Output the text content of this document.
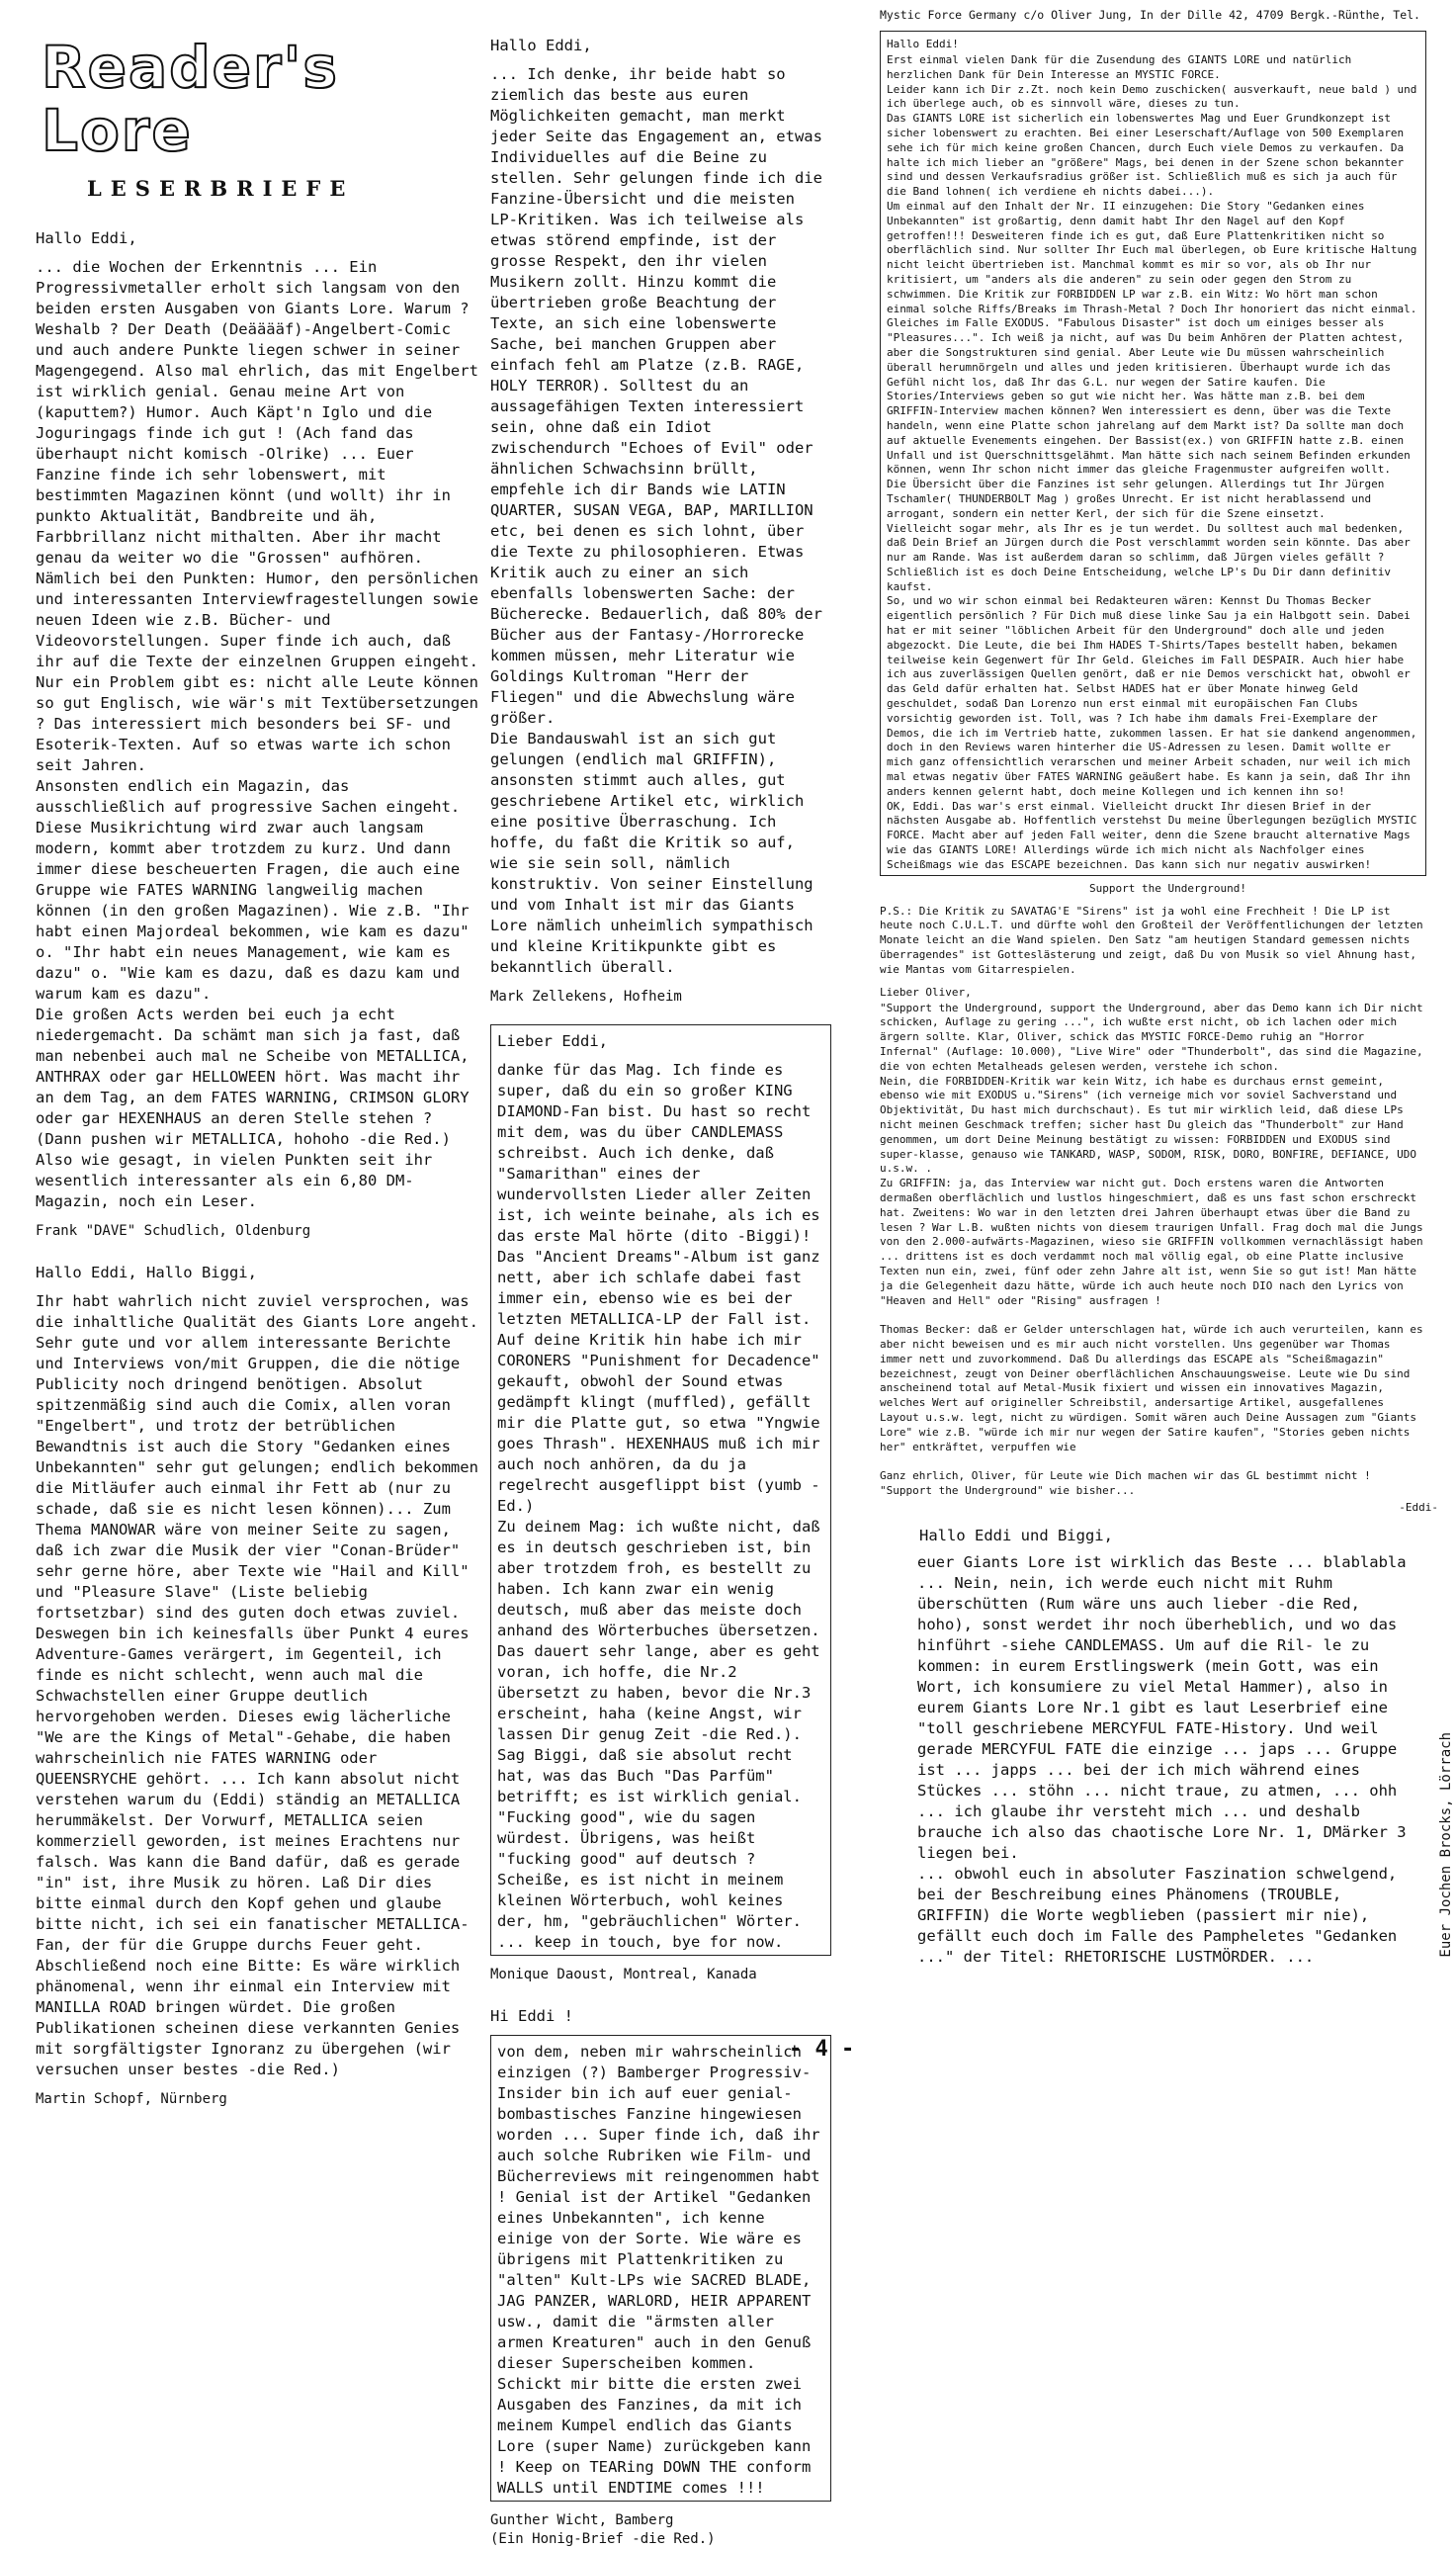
Reader's Lore
LESERBRIEFE
Hallo Eddi,

... die Wochen der Erkenntnis ... Ein Progressivmetaller erholt sich langsam von den beiden ersten Ausgaben von Giants Lore. Warum ? Weshalb ? Der Death (Deääääf)-Angelbert-Comic und auch andere Punkte liegen schwer in seiner Magengegend. Also mal ehrlich, das mit Engelbert ist wirklich genial. Genau meine Art von (kaputtem?) Humor. Auch Käpt'n Iglo und die Joguringags finde ich gut ! (Ach fand das überhaupt nicht komisch -Olrike) ... Euer Fanzine finde ich sehr lobenswert, mit bestimmten Magazinen könnt (und wollt) ihr in punkto Aktualität, Bandbreite und äh, Farbbrillanz nicht mithalten. Aber ihr macht genau da weiter wo die "Grossen" aufhören. Nämlich bei den Punkten: Humor, den persönlichen und interessanten Interviewfragestellungen sowie neuen Ideen wie z.B. Bücher- und Videovorstellungen. Super finde ich auch, daß ihr auf die Texte der einzelnen Gruppen eingeht. Nur ein Problem gibt es: nicht alle Leute können so gut Englisch, wie wär's mit Textübersetzungen ? Das interessiert mich besonders bei SF- und Esoterik-Texten. Auf so etwas warte ich schon seit Jahren.
Ansonsten endlich ein Magazin, das ausschließlich auf progressive Sachen eingeht. Diese Musikrichtung wird zwar auch langsam modern, kommt aber trotzdem zu kurz. Und dann immer diese bescheuerten Fragen, die auch eine Gruppe wie FATES WARNING langweilig machen können (in den großen Magazinen). Wie z.B. "Ihr habt einen Majordeal bekommen, wie kam es dazu" o. "Ihr habt ein neues Management, wie kam es dazu" o. "Wie kam es dazu, daß es dazu kam und warum kam es dazu".
Die großen Acts werden bei euch ja echt niedergemacht. Da schämt man sich ja fast, daß man nebenbei auch mal ne Scheibe von METALLICA, ANTHRAX oder gar HELLOWEEN hört. Was macht ihr an dem Tag, an dem FATES WARNING, CRIMSON GLORY oder gar HEXENHAUS an deren Stelle stehen ? (Dann pushen wir METALLICA, hohoho -die Red.) Also wie gesagt, in vielen Punkten seit ihr wesentlich interessanter als ein 6,80 DM-Magazin, noch ein Leser.

Frank "DAVE" Schudlich, Oldenburg
Hallo Eddi, Hallo Biggi,

Ihr habt wahrlich nicht zuviel versprochen, was die inhaltliche Qualität des Giants Lore angeht. Sehr gute und vor allem interessante Berichte und Interviews von/mit Gruppen, die die nötige Publicity noch dringend benötigen. Absolut spitzenmäßig sind auch die Comix, allen voran "Engelbert", und trotz der betrüblichen Bewandtnis ist auch die Story "Gedanken eines Unbekannten" sehr gut gelungen; endlich bekommen die Mitläufer auch einmal ihr Fett ab (nur zu schade, daß sie es nicht lesen können)... Zum Thema MANOWAR wäre von meiner Seite zu sagen, daß ich zwar die Musik der vier "Conan-Brüder" sehr gerne höre, aber Texte wie "Hail and Kill" und "Pleasure Slave" (Liste beliebig fortsetzbar) sind des guten doch etwas zuviel. Deswegen bin ich keinesfalls über Punkt 4 eures Adventure-Games verärgert, im Gegenteil, ich finde es nicht schlecht, wenn auch mal die Schwachstellen einer Gruppe deutlich hervorgehoben werden. Dieses ewig lächerliche "We are the Kings of Metal"-Gehabe, die haben wahrscheinlich nie FATES WARNING oder QUEENSRYCHE gehört. ... Ich kann absolut nicht verstehen warum du (Eddi) ständig an METALLICA herummäkelst. Der Vorwurf, METALLICA seien kommerziell geworden, ist meines Erachtens nur falsch. Was kann die Band dafür, daß es gerade "in" ist, ihre Musik zu hören. Laß Dir dies bitte einmal durch den Kopf gehen und glaube bitte nicht, ich sei ein fanatischer METALLICA-Fan, der für die Gruppe durchs Feuer geht. Abschließend noch eine Bitte: Es wäre wirklich phänomenal, wenn ihr einmal ein Interview mit MANILLA ROAD bringen würdet. Die großen Publikationen scheinen diese verkannten Genies mit sorgfältigster Ignoranz zu übergehen (wir versuchen unser bestes -die Red.)

Martin Schopf, Nürnberg
Hallo Eddi,

... Ich denke, ihr beide habt so ziemlich das beste aus euren Möglichkeiten gemacht, man merkt jeder Seite das Engagement an, etwas Individuelles auf die Beine zu stellen. Sehr gelungen finde ich die Fanzine-Übersicht und die meisten LP-Kritiken. Was ich teilweise als etwas störend empfinde, ist der grosse Respekt, den ihr vielen Musikern zollt. Hinzu kommt die übertrieben große Beachtung der Texte, an sich eine lobenswerte Sache, bei manchen Gruppen aber einfach fehl am Platze (z.B. RAGE, HOLY TERROR). Solltest du an aussagefähigen Texten interessiert sein, ohne daß ein Idiot zwischendurch "Echoes of Evil" oder ähnlichen Schwachsinn brüllt, empfehle ich dir Bands wie LATIN QUARTER, SUSAN VEGA, BAP, MARILLION etc, bei denen es sich lohnt, über die Texte zu philosophieren. Etwas Kritik auch zu einer an sich ebenfalls lobenswerten Sache: der Bücherecke. Bedauerlich, daß 80% der Bücher aus der Fantasy-/Horrorecke kommen müssen, mehr Literatur wie Goldings Kultroman "Herr der Fliegen" und die Abwechslung wäre größer.
Die Bandauswahl ist an sich gut gelungen (endlich mal GRIFFIN), ansonsten stimmt auch alles, gut geschriebene Artikel etc, wirklich eine positive Überraschung. Ich hoffe, du faßt die Kritik so auf, wie sie sein soll, nämlich konstruktiv. Von seiner Einstellung und vom Inhalt ist mir das Giants Lore nämlich unheimlich sympathisch und kleine Kritikpunkte gibt es bekanntlich überall.

Mark Zellekens, Hofheim
Lieber Eddi,

danke für das Mag. Ich finde es super, daß du ein so großer KING DIAMOND-Fan bist. Du hast so recht mit dem, was du über CANDLEMASS schreibst. Auch ich denke, daß "Samarithan" eines der wundervollsten Lieder aller Zeiten ist, ich weinte beinahe, als ich es das erste Mal hörte (dito -Biggi)! Das "Ancient Dreams"-Album ist ganz nett, aber ich schlafe dabei fast immer ein, ebenso wie es bei der letzten METALLICA-LP der Fall ist. Auf deine Kritik hin habe ich mir CORONERS "Punishment for Decadence" gekauft, obwohl der Sound etwas gedämpft klingt (muffled), gefällt mir die Platte gut, so etwa "Yngwie goes Thrash". HEXENHAUS muß ich mir auch noch anhören, da du ja regelrecht ausgeflippt bist (yumb -Ed.)
Zu deinem Mag: ich wußte nicht, daß es in deutsch geschrieben ist, bin aber trotzdem froh, es bestellt zu haben. Ich kann zwar ein wenig deutsch, muß aber das meiste doch anhand des Wörterbuches übersetzen. Das dauert sehr lange, aber es geht voran, ich hoffe, die Nr.2 übersetzt zu haben, bevor die Nr.3 erscheint, haha (keine Angst, wir lassen Dir genug Zeit -die Red.). Sag Biggi, daß sie absolut recht hat, was das Buch "Das Parfüm" betrifft; es ist wirklich genial. "Fucking good", wie du sagen würdest. Übrigens, was heißt "fucking good" auf deutsch ? Scheiße, es ist nicht in meinem kleinen Wörterbuch, wohl keines der, hm, "gebräuchlichen" Wörter. ... keep in touch, bye for now.

Monique Daoust, Montreal, Kanada
Hi Eddi !

von dem, neben mir wahrscheinlich einzigen (?) Bamberger Progressiv-Insider bin ich auf euer genial-bombastisches Fanzine hingewiesen worden ... Super finde ich, daß ihr auch solche Rubriken wie Film- und Bücherreviews mit reingenommen habt ! Genial ist der Artikel "Gedanken eines Unbekannten", ich kenne einige von der Sorte. Wie wäre es übrigens mit Plattenkritiken zu "alten" Kult-LPs wie SACRED BLADE, JAG PANZER, WARLORD, HEIR APPARENT usw., damit die "ärmsten aller armen Kreaturen" auch in den Genuß dieser Superscheiben kommen. Schickt mir bitte die ersten zwei Ausgaben des Fanzines, da mit ich meinem Kumpel endlich das Giants Lore (super Name) zurückgeben kann ! Keep on TEARing DOWN THE conform WALLS until ENDTIME comes !!!

Gunther Wicht, Bamberg
(Ein Honig-Brief -die Red.)
Mystic Force Germany c/o Oliver Jung, In der Dille 42, 4709 Bergk.-Rünthe, Tel.
Hallo Eddi!

Erst einmal vielen Dank für die Zusendung des GIANTS LORE und natürlich herzlichen Dank für Dein Interesse an MYSTIC FORCE.
Leider kann ich Dir z.Zt. noch kein Demo zuschicken( ausverkauft, neue bald ) und ich überlege auch, ob es sinnvoll wäre, dieses zu tun.
Das GIANTS LORE ist sicherlich ein lobenswertes Mag und Euer Grundkonzept ist sicher lobenswert zu erachten. Bei einer Leserschaft/Auflage von 500 Exemplaren sehe ich für mich keine großen Chancen, durch Euch viele Demos zu verkaufen. Da halte ich mich lieber an "größere" Mags, bei denen in der Szene schon bekannter sind und dessen Verkaufsradius größer ist. Schließlich muß es sich ja auch für die Band lohnen( ich verdiene eh nichts dabei...).
Um einmal auf den Inhalt der Nr. II einzugehen: Die Story "Gedanken eines Unbekannten" ist großartig, denn damit habt Ihr den Nagel auf den Kopf getroffen!!! Desweiteren finde ich es gut, daß Eure Plattenkritiken nicht so oberflächlich sind. Nur sollter Ihr Euch mal überlegen, ob Eure kritische Haltung nicht leicht übertrieben ist. Manchmal kommt es mir so vor, als ob Ihr nur kritisiert, um "anders als die anderen" zu sein oder gegen den Strom zu schwimmen. Die Kritik zur FORBIDDEN LP war z.B. ein Witz: Wo hört man schon einmal solche Riffs/Breaks im Thrash-Metal ? Doch Ihr honoriert das nicht einmal. Gleiches im Falle EXODUS. "Fabulous Disaster" ist doch um einiges besser als "Pleasures...". Ich weiß ja nicht, auf was Du beim Anhören der Platten achtest, aber die Songstrukturen sind genial. Aber Leute wie Du müssen wahrscheinlich überall herumnörgeln und alles und jeden kritisieren. Überhaupt wurde ich das Gefühl nicht los, daß Ihr das G.L. nur wegen der Satire kaufen. Die Stories/Interviews geben so gut wie nicht her. Was hätte man z.B. bei dem GRIFFIN-Interview machen können? Wen interessiert es denn, über was die Texte handeln, wenn eine Platte schon jahrelang auf dem Markt ist? Da sollte man doch auf aktuelle Evenements eingehen. Der Bassist(ex.) von GRIFFIN hatte z.B. einen Unfall und ist Querschnittsgelähmt. Man hätte sich nach seinem Befinden erkunden können, wenn Ihr schon nicht immer das gleiche Fragenmuster aufgreifen wollt.
Die Übersicht über die Fanzines ist sehr gelungen. Allerdings tut Ihr Jürgen Tschamler( THUNDERBOLT Mag ) großes Unrecht. Er ist nicht herablassend und arrogant, sondern ein netter Kerl, der sich für die Szene einsetzt.
Vielleicht sogar mehr, als Ihr es je tun werdet. Du solltest auch mal bedenken, daß Dein Brief an Jürgen durch die Post verschlammt worden sein könnte. Das aber nur am Rande. Was ist außerdem daran so schlimm, daß Jürgen vieles gefällt ? Schließlich ist es doch Deine Entscheidung, welche LP's Du Dir dann definitiv kaufst.
So, und wo wir schon einmal bei Redakteuren wären: Kennst Du Thomas Becker eigentlich persönlich ? Für Dich muß diese linke Sau ja ein Halbgott sein. Dabei hat er mit seiner "löblichen Arbeit für den Underground" doch alle und jeden abgezockt. Die Leute, die bei Ihm HADES T-Shirts/Tapes bestellt haben, bekamen teilweise kein Gegenwert für Ihr Geld. Gleiches im Fall DESPAIR. Auch hier habe ich aus zuverlässigen Quellen genört, daß er nie Demos verschickt hat, obwohl er das Geld dafür erhalten hat. Selbst HADES hat er über Monate hinweg Geld geschuldet, sodaß Dan Lorenzo nun erst einmal mit europäischen Fan Clubs vorsichtig geworden ist. Toll, was ? Ich habe ihm damals Frei-Exemplare der Demos, die ich im Vertrieb hatte, zukommen lassen. Er hat sie dankend angenommen, doch in den Reviews waren hinterher die US-Adressen zu lesen. Damit wollte er mich ganz offensichtlich verarschen und meiner Arbeit schaden, nur weil ich mich mal etwas negativ über FATES WARNING geäußert habe. Es kann ja sein, daß Ihr ihn anders kennen gelernt habt, doch meine Kollegen und ich kennen ihn so!
OK, Eddi. Das war's erst einmal. Vielleicht druckt Ihr diesen Brief in der nächsten Ausgabe ab. Hoffentlich verstehst Du meine Überlegungen bezüglich MYSTIC FORCE. Macht aber auf jeden Fall weiter, denn die Szene braucht alternative Mags wie das GIANTS LORE! Allerdings würde ich mich nicht als Nachfolger eines Scheißmags wie das ESCAPE bezeichnen. Das kann sich nur negativ auswirken!

Support the Underground!

P.S.: Die Kritik zu SAVATAG'E "Sirens" ist ja wohl eine Frechheit ! Die LP ist heute noch C.U.L.T. und dürfte wohl den Großteil der Veröffentlichungen der letzten Monate leicht an die Wand spielen. Den Satz "am heutigen Standard gemessen nichts überragendes" ist Gotteslästerung und zeigt, daß Du von Musik so viel Ahnung hast, wie Mantas vom Gitarrespielen.

Lieber Oliver,

"Support the Underground, support the Underground, aber das Demo kann ich Dir nicht schicken, Auflage zu gering ...", ich wußte erst nicht, ob ich lachen oder mich ärgern sollte. Klar, Oliver, schick das MYSTIC FORCE-Demo ruhig an "Horror Infernal" (Auflage: 10.000), "Live Wire" oder "Thunderbolt", das sind die Magazine, die von echten Metalheads gelesen werden, verstehe ich schon.
Nein, die FORBIDDEN-Kritik war kein Witz, ich habe es durchaus ernst gemeint, ebenso wie mit EXODUS u."Sirens" (ich verneige mich vor soviel Sachverstand und Objektivität, Du hast mich durchschaut). Es tut mir wirklich leid, daß diese LPs nicht meinen Geschmack treffen; sicher hast Du gleich das "Thunderbolt" zur Hand genommen, um dort Deine Meinung bestätigt zu wissen: FORBIDDEN und EXODUS sind super-klasse, genauso wie TANKARD, WASP, SODOM, RISK, DORO, BONFIRE, DEFIANCE, UDO u.s.w. .
Zu GRIFFIN: ja, das Interview war nicht gut. Doch erstens waren die Antworten dermaßen oberflächlich und lustlos hingeschmiert, daß es uns fast schon erschreckt hat. Zweitens: Wo war in den letzten drei Jahren überhaupt etwas über die Band zu lesen ? War L.B. wußten nichts von diesem traurigen Unfall. Frag doch mal die Jungs von den 2.000-aufwärts-Magazinen, wieso sie GRIFFIN vollkommen vernachlässigt haben ... drittens ist es doch verdammt noch mal völlig egal, ob eine Platte inclusive Texten nun ein, zwei, fünf oder zehn Jahre alt ist, wenn Sie so gut ist! Man hätte ja die Gelegenheit dazu hätte, würde ich auch heute noch DIO nach den Lyrics von "Heaven and Hell" oder "Rising" ausfragen !

Thomas Becker: daß er Gelder unterschlagen hat, würde ich auch verurteilen, kann es aber nicht beweisen und es mir auch nicht vorstellen. Uns gegenüber war Thomas immer nett und zuvorkommend. Daß Du allerdings das ESCAPE als "Scheißmagazin" bezeichnest, zeugt von Deiner oberflächlichen Anschauungsweise. Leute wie Du sind anscheinend total auf Metal-Musik fixiert und wissen ein innovatives Magazin, welches Wert auf origineller Schreibstil, andersartige Artikel, ausgefallenes Layout u.s.w. legt, nicht zu würdigen. Somit wären auch Deine Aussagen zum "Giants Lore" wie z.B. "würde ich mir nur wegen der Satire kaufen", "Stories geben nichts her" entkräftet, verpuffen wie

Ganz ehrlich, Oliver, für Leute wie Dich machen wir das GL bestimmt nicht ! "Support the Underground" wie bisher...

-Eddi-
Hallo Eddi und Biggi,

euer Giants Lore ist wirklich das Beste ... blablabla ... Nein, nein, ich werde euch nicht mit Ruhm überschütten (Rum wäre uns auch lieber -die Red, hoho), sonst werdet ihr noch überheblich, und wo das hinführt -siehe CANDLEMASS. Um auf die Ril- le zu kommen: in eurem Erstlingswerk (mein Gott, was ein Wort, ich konsumiere zu viel Metal Hammer), also in eurem Giants Lore Nr.1 gibt es laut Leserbrief eine "toll geschriebene MERCYFUL FATE-History. Und weil gerade MERCYFUL FATE die einzige ... japs ... Gruppe ist ... japps ... bei der ich mich während eines Stückes ... stöhn ... nicht traue, zu atmen, ... ohh ... ich glaube ihr versteht mich ... und deshalb brauche ich also das chaotische Lore Nr. 1, DMärker 3 liegen bei.
... obwohl euch in absoluter Faszination schwelgend, bei der Beschreibung eines Phänomens (TROUBLE, GRIFFIN) die Worte wegblieben (passiert mir nie), gefällt euch doch im Falle des Pampheletes "Gedanken ..." der Titel: RHETORISCHE LUSTMÖRDER. ...	Euer Jochen Brocks, Lörrach
- 4 -
